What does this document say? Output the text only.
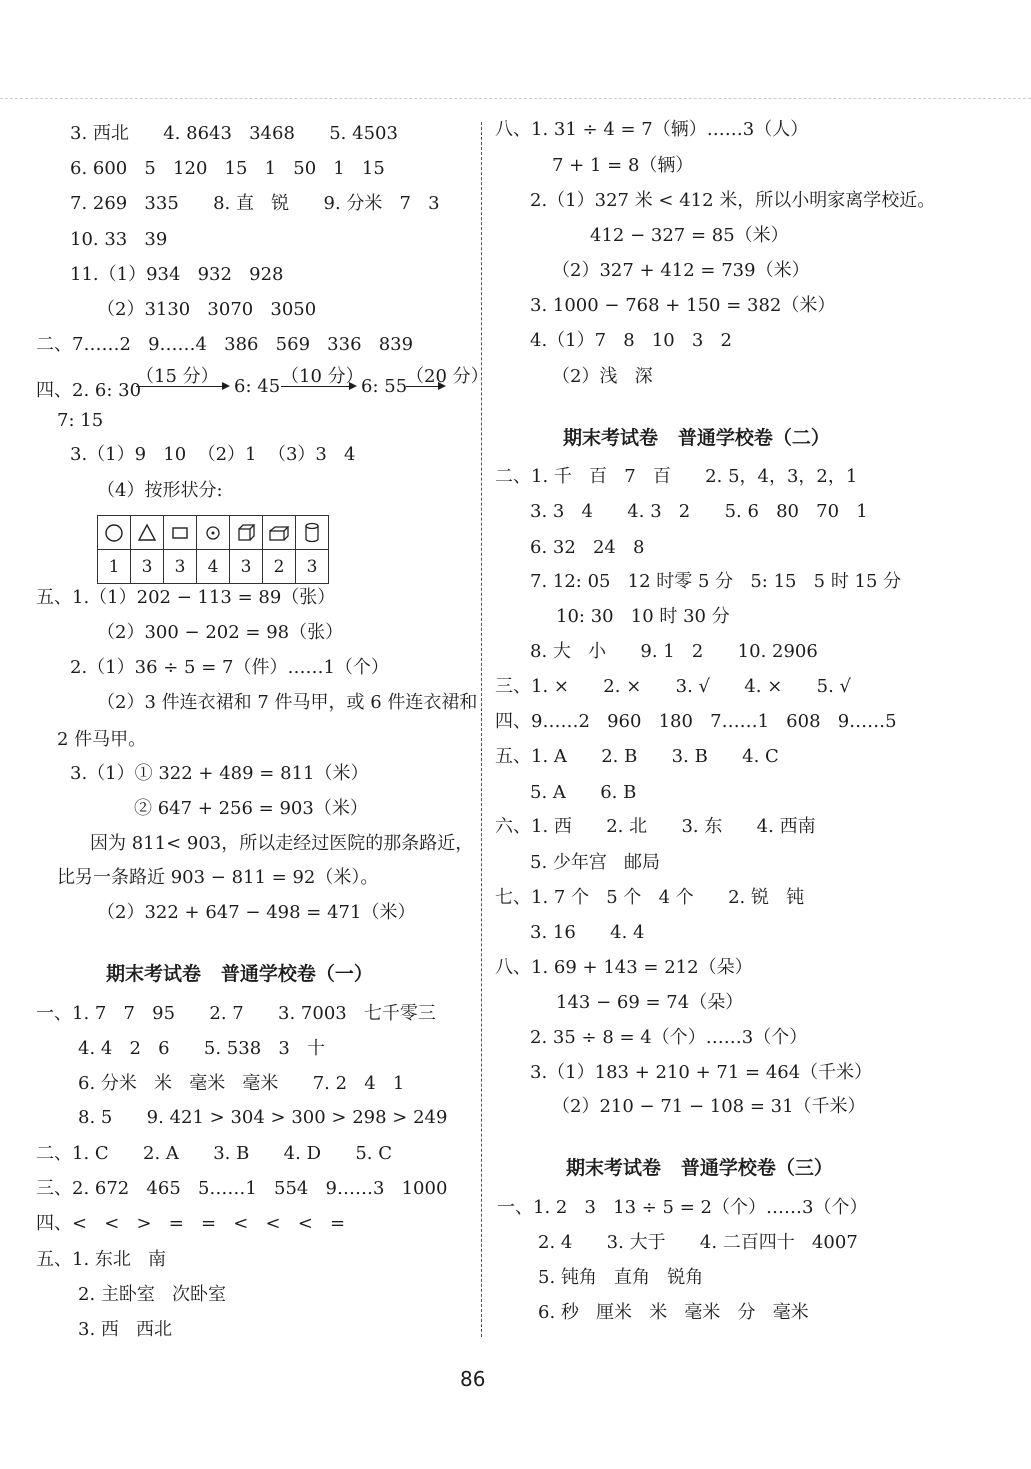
3. 西北      4. 8643   3468      5. 4503
6. 600   5   120   15   1   50   1   15
7. 269   335      8. 直   锐      9. 分米   7   3
10. 33   39
11.（1）934   932   928
（2）3130   3070   3050
二、7……2   9……4   386   569   336   839
四、2. 6: 30
（15 分） 6: 45 （10 分）
6: 55
（20 分）
7: 15
3.（1）9   10  （2）1  （3）3   4
（4）按形状分:

1	3	3	4	3	2	3
五、1.（1）202 − 113 = 89（张）
（2）300 − 202 = 98（张）
2.（1）36 ÷ 5 = 7（件）……1（个）
（2）3 件连衣裙和 7 件马甲，或 6 件连衣裙和
2 件马甲。
3.（1）① 322 + 489 = 811（米）
② 647 + 256 = 903（米）
因为 811< 903，所以走经过医院的那条路近，
比另一条路近 903 − 811 = 92（米）。
（2）322 + 647 − 498 = 471（米）
期末考试卷   普通学校卷（一）
一、1. 7   7   95      2. 7      3. 7003   七千零三
4. 4   2   6      5. 538   3   十
6. 分米   米   毫米   毫米      7. 2   4   1
8. 5      9. 421 > 304 > 300 > 298 > 249
二、1. C      2. A      3. B      4. D      5. C
三、2. 672   465   5……1   554   9……3   1000
四、<   <   >   =   =   <   <   <   =
五、1. 东北   南
2. 主卧室   次卧室
3. 西   西北
八、1. 31 ÷ 4 = 7（辆）……3（人）
7 + 1 = 8（辆）
2.（1）327 米 < 412 米，所以小明家离学校近。
412 − 327 = 85（米）
（2）327 + 412 = 739（米）
3. 1000 − 768 + 150 = 382（米）
4.（1）7   8   10   3   2
（2）浅   深
期末考试卷   普通学校卷（二）
二、1. 千   百   7   百      2. 5，4，3，2，1
3. 3   4      4. 3   2      5. 6   80   70   1
6. 32   24   8
7. 12: 05   12 时零 5 分   5: 15   5 时 15 分
10: 30   10 时 30 分
8. 大   小      9. 1   2      10. 2906
三、1. ×      2. ×      3. √      4. ×      5. √
四、9……2   960   180   7……1   608   9……5
五、1. A      2. B      3. B      4. C
5. A      6. B
六、1. 西      2. 北      3. 东      4. 西南
5. 少年宫   邮局
七、1. 7 个   5 个   4 个      2. 锐   钝
3. 16      4. 4
八、1. 69 + 143 = 212（朵）
143 − 69 = 74（朵）
2. 35 ÷ 8 = 4（个）……3（个）
3.（1）183 + 210 + 71 = 464（千米）
（2）210 − 71 − 108 = 31（千米）
期末考试卷   普通学校卷（三）
一、1. 2   3   13 ÷ 5 = 2（个）……3（个）
2. 4      3. 大于      4. 二百四十   4007
5. 钝角   直角   锐角
6. 秒   厘米   米   毫米   分   毫米
86
